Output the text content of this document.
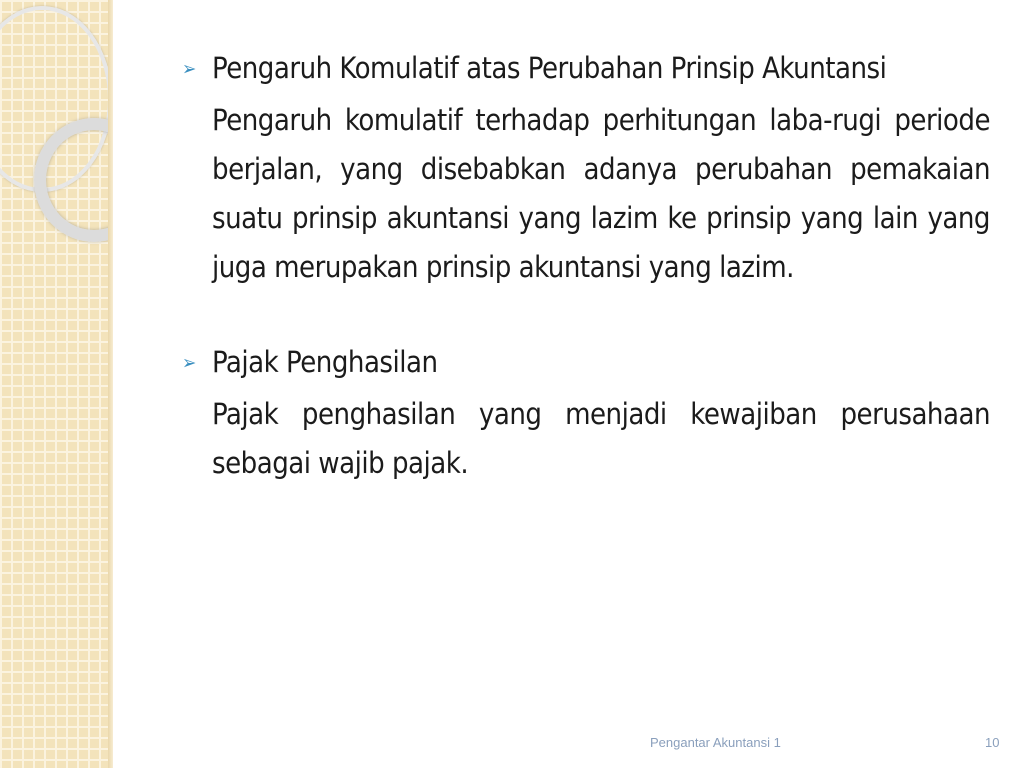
➢ Pengaruh Komulatif atas Perubahan Prinsip Akuntansi
Pengaruh komulatif terhadap perhitungan laba-rugi periode berjalan, yang disebabkan adanya perubahan pemakaian suatu prinsip akuntansi yang lazim ke prinsip yang lain yang juga merupakan prinsip akuntansi yang lazim.
➢ Pajak Penghasilan
Pajak penghasilan yang menjadi kewajiban perusahaan sebagai wajib pajak.
Pengantar Akuntansi 1	10
